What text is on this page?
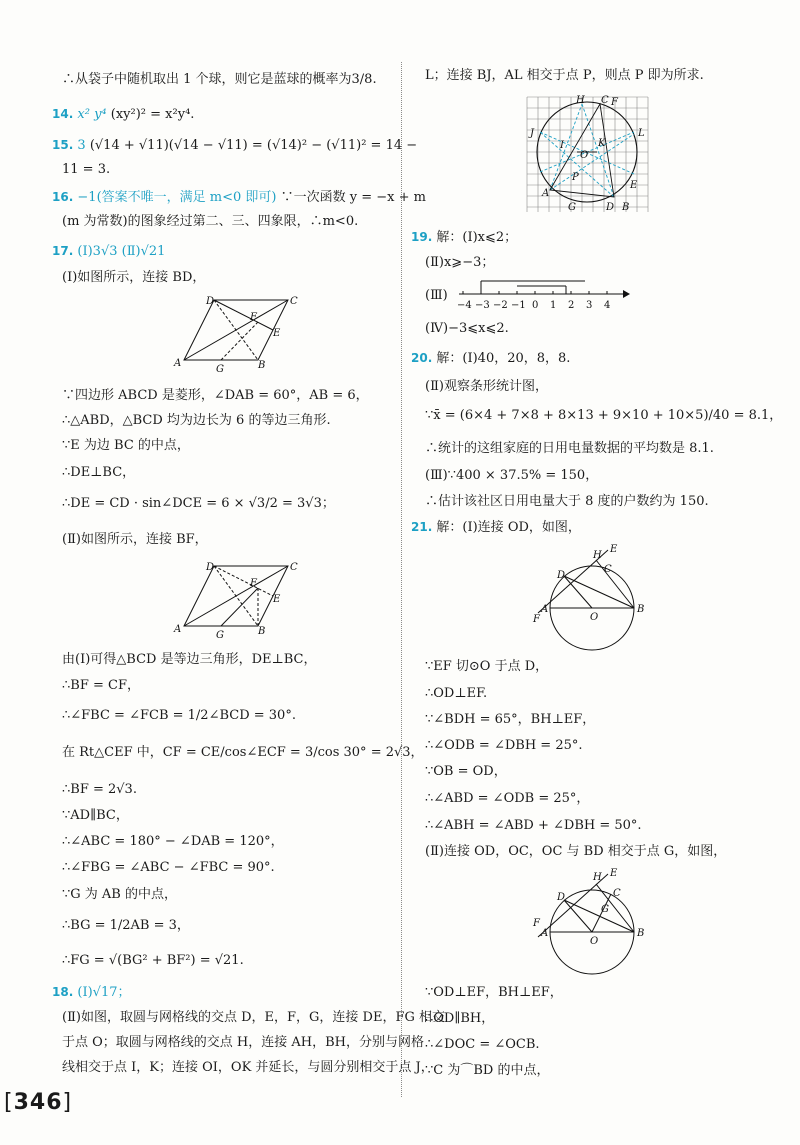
∴从袋子中随机取出 1 个球，则它是蓝球的概率为3/8.
14. x² y⁴ (xy²)² = x²y⁴.
15. 3 (√14 + √11)(√14 − √11) = (√14)² − (√11)² = 14 −
11 = 3.
16. −1(答案不唯一，满足 m<0 即可) ∵一次函数 y = −x + m
(m 为常数)的图象经过第二、三、四象限，∴m<0.
17. (Ⅰ)3√3 (Ⅱ)√21
(Ⅰ)如图所示，连接 BD，
D	C
F
E
A
G	B
∵四边形 ABCD 是菱形，∠DAB = 60°，AB = 6，
∴△ABD，△BCD 均为边长为 6 的等边三角形.
∵E 为边 BC 的中点，
∴DE⊥BC，
∴DE = CD · sin∠DCE = 6 × √3/2 = 3√3；
(Ⅱ)如图所示，连接 BF，
D	C
F
E
A
G	B
由(Ⅰ)可得△BCD 是等边三角形，DE⊥BC，
∴BF = CF，
∴∠FBC = ∠FCB = 1/2∠BCD = 30°.
在 Rt△CEF 中，CF = CE/cos∠ECF = 3/cos 30° = 2√3，
∴BF = 2√3.
∵AD∥BC，
∴∠ABC = 180° − ∠DAB = 120°，
∴∠FBG = ∠ABC − ∠FBC = 90°.
∵G 为 AB 的中点，
∴BG = 1/2AB = 3，
∴FG = √(BG² + BF²) = √21.
18. (Ⅰ)√17；
(Ⅱ)如图，取圆与网格线的交点 D，E，F，G，连接 DE，FG 相交
于点 O；取圆与网格线的交点 H，连接 AH，BH，分别与网格
线相交于点 I，K；连接 OI，OK 并延长，与圆分别相交于点 J，
[346]
L；连接 BJ，AL 相交于点 P，则点 P 即为所求.
H C F
J
I	K
L
O
P
E
A
G	D B
19. 解：(Ⅰ)x⩽2；
(Ⅱ)x⩾−3；
(Ⅲ)
−4 −3 −2 −1 0 1 2 3 4
(Ⅳ)−3⩽x⩽2.
20. 解：(Ⅰ)40，20，8，8.
(Ⅱ)观察条形统计图，
∵x̄ = (6×4 + 7×8 + 8×13 + 9×10 + 10×5)/40 = 8.1，
∴统计的这组家庭的日用电量数据的平均数是 8.1.
(Ⅲ)∵400 × 37.5% = 150，
∴估计该社区日用电量大于 8 度的户数约为 150.
21. 解：(Ⅰ)连接 OD，如图，
H
E
D
C
A
O
B
F
∵EF 切⊙O 于点 D，
∴OD⊥EF.
∵∠BDH = 65°，BH⊥EF，
∴∠ODB = ∠DBH = 25°.
∵OB = OD，
∴∠ABD = ∠ODB = 25°，
∴∠ABH = ∠ABD + ∠DBH = 50°.
(Ⅱ)连接 OD，OC，OC 与 BD 相交于点 G，如图，
H E
D	C
G
A
O
B
F
∵OD⊥EF，BH⊥EF，
∴OD∥BH，
∴∠DOC = ∠OCB.
∵C 为⌒BD 的中点，
